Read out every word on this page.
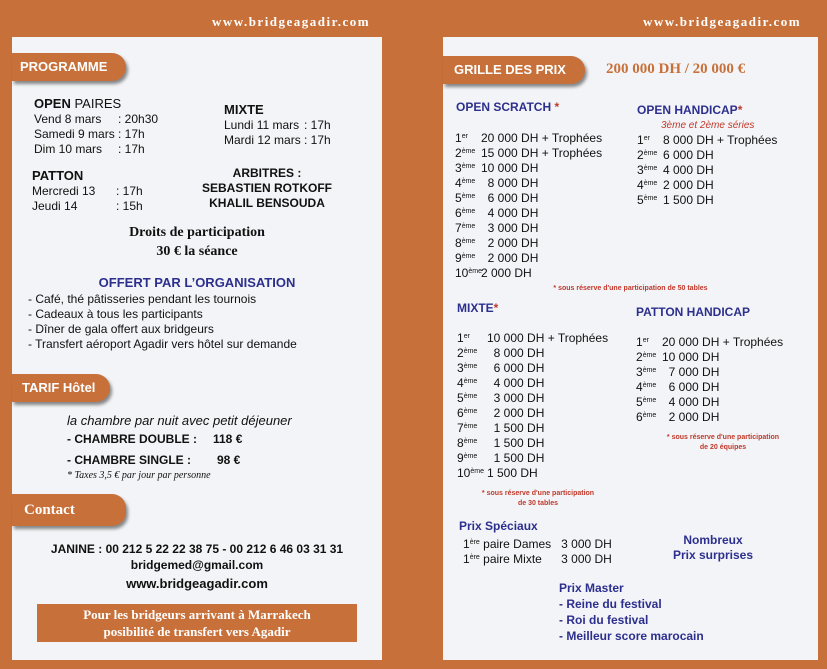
www.bridgeagadir.com	www.bridgeagadir.com
PROGRAMME
OPEN PAIRES
Vend 8 mars : 20h30
Samedi 9 mars : 17h
Dim 10 mars : 17h
MIXTE
Lundi 11 mars : 17h
Mardi 12 mars : 17h
PATTON
Mercredi 13 : 17h
Jeudi 14	: 15h
ARBITRES :
SEBASTIEN ROTKOFF
KHALIL BENSOUDA
Droits de participation
30 € la séance
OFFERT PAR L’ORGANISATION
- Café, thé pâtisseries pendant les tournois
- Cadeaux à tous les participants
- Dîner de gala offert aux bridgeurs
- Transfert aéroport Agadir vers hôtel sur demande
TARIF Hôtel
la chambre par nuit avec petit déjeuner
- CHAMBRE DOUBLE : 118 €
- CHAMBRE SINGLE : 98 €
* Taxes 3,5 € par jour par personne
Contact
JANINE : 00 212 5 22 22 38 75 - 00 212 6 46 03 31 31
bridgemed@gmail.com
www.bridgeagadir.com
Pour les bridgeurs arrivant à Marrakech
posibilité de transfert vers Agadir
GRILLE DES PRIX	200 000 DH / 20 000 €
OPEN SCRATCH *
1er 20 000 DH + Trophées
2ème 15 000 DH + Trophées
3ème 10 000 DH
4ème  8 000 DH
5ème  6 000 DH
6ème  4 000 DH
7ème  3 000 DH
8ème  2 000 DH
9ème  2 000 DH
10ème2 000 DH
* sous réserve d'une participation de 50 tables
OPEN HANDICAP*
3ème et 2ème séries
1er 8 000 DH + Trophées
2ème 6 000 DH
3ème 4 000 DH
4ème 2 000 DH
5ème 1 500 DH
MIXTE*
1er 10 000 DH + Trophées
2ème  8 000 DH
3ème  6 000 DH
4ème  4 000 DH
5ème  3 000 DH
6ème  2 000 DH
7ème  1 500 DH
8ème  1 500 DH
9ème  1 500 DH
10ème 1 500 DH
* sous réserve d'une participation
de 30 tables
PATTON HANDICAP
1er 20 000 DH + Trophées
2ème 10 000 DH
3ème  7 000 DH
4ème  6 000 DH
5ème  4 000 DH
6ème  2 000 DH
* sous réserve d'une participation
de 20 équipes
Prix Spéciaux
1ère paire Dames 3 000 DH
1ère paire Mixte 3 000 DH
Nombreux
Prix surprises
Prix Master
- Reine du festival
- Roi du festival
- Meilleur score marocain
